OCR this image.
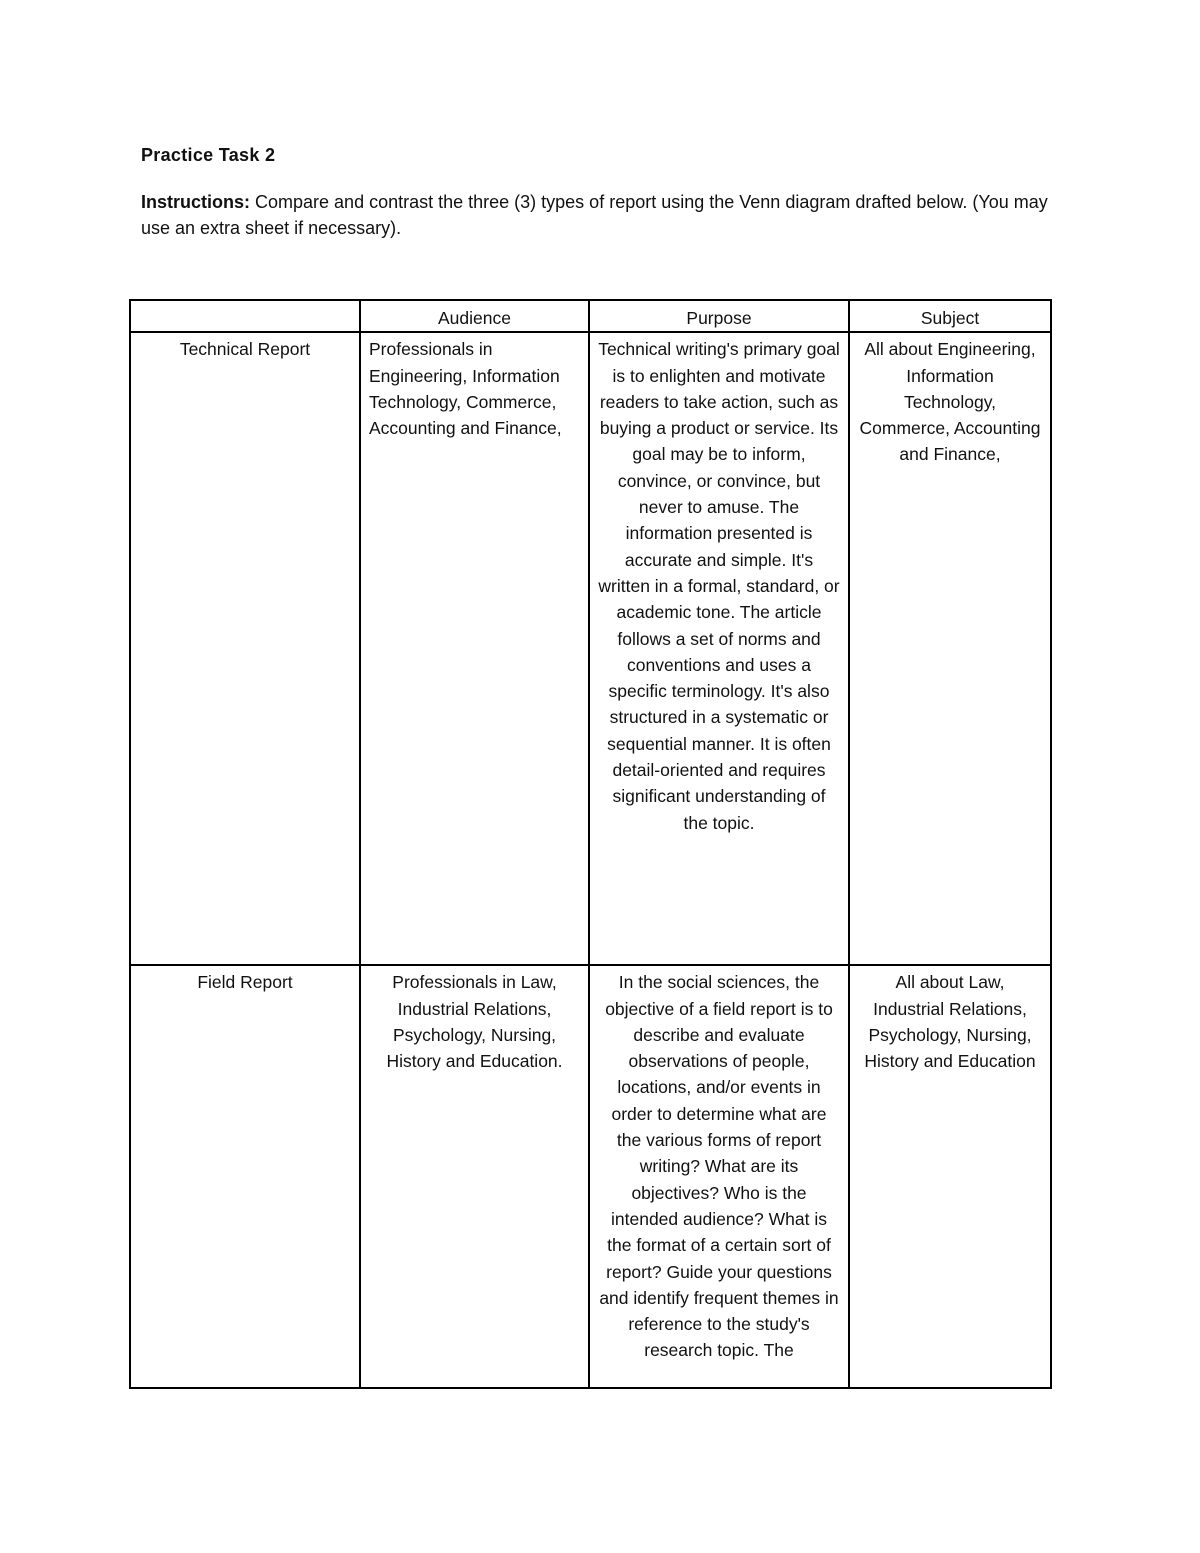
Practice Task 2
Instructions: Compare and contrast the three (3) types of report using the Venn diagram drafted below. (You may use an extra sheet if necessary).
	Audience	Purpose	Subject
Technical Report	Professionals in Engineering, Information Technology, Commerce, Accounting and Finance,	Technical writing's primary goal is to enlighten and motivate readers to take action, such as buying a product or service. Its goal may be to inform, convince, or convince, but never to amuse. The information presented is accurate and simple. It's written in a formal, standard, or academic tone. The article follows a set of norms and conventions and uses a specific terminology. It's also structured in a systematic or sequential manner. It is often detail-oriented and requires significant understanding of the topic.	All about Engineering, Information Technology, Commerce, Accounting and Finance,
Field Report	Professionals in Law, Industrial Relations, Psychology, Nursing, History and Education.	In the social sciences, the objective of a field report is to describe and evaluate observations of people, locations, and/or events in order to determine what are the various forms of report writing? What are its objectives? Who is the intended audience? What is the format of a certain sort of report? Guide your questions and identify frequent themes in reference to the study's research topic. The	All about Law, Industrial Relations, Psychology, Nursing, History and Education
